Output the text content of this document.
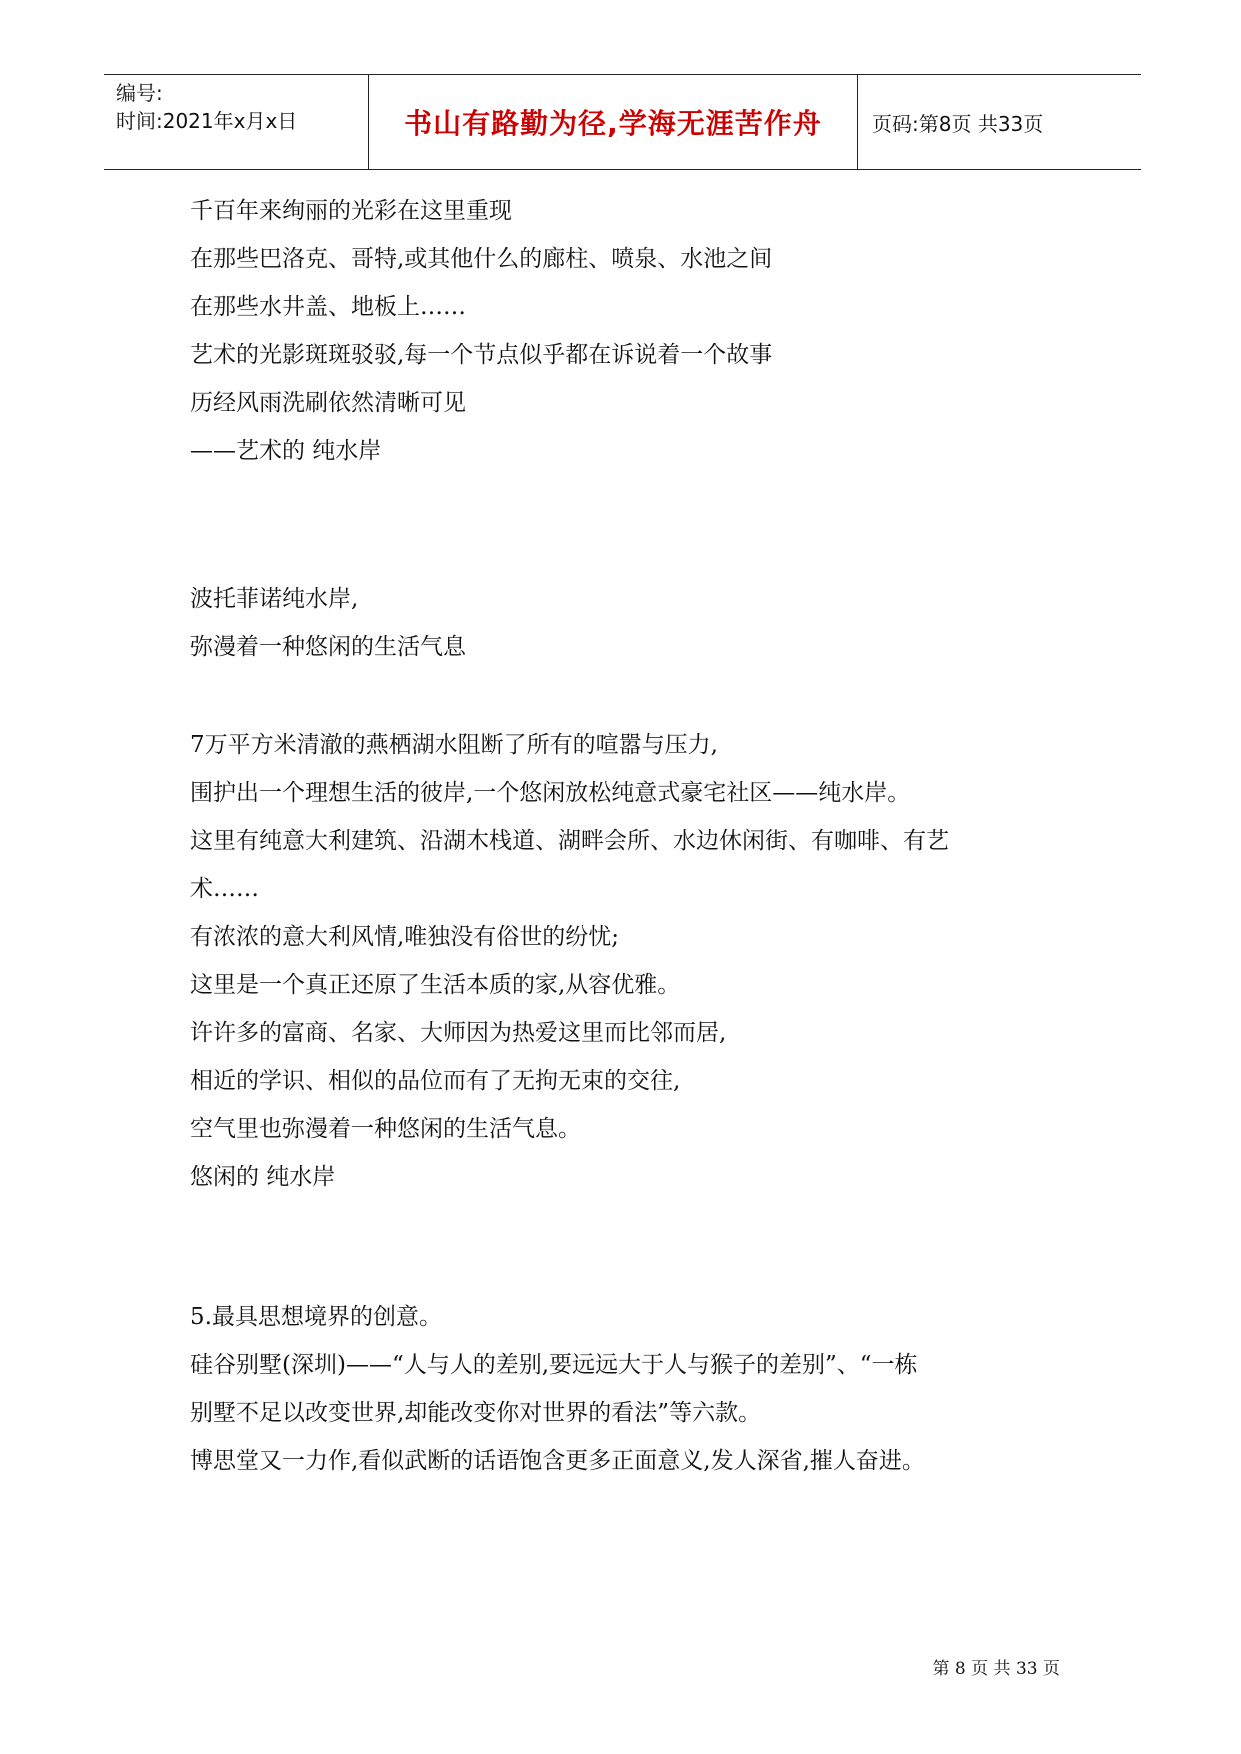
编号:
时间:2021年x月x日	书山有路勤为径,学海无涯苦作舟	页码:第8页 共33页
千百年来绚丽的光彩在这里重现
在那些巴洛克、哥特,或其他什么的廊柱、喷泉、水池之间
在那些水井盖、地板上……
艺术的光影斑斑驳驳,每一个节点似乎都在诉说着一个故事
历经风雨洗刷依然清晰可见
——艺术的 纯水岸
波托菲诺纯水岸,
弥漫着一种悠闲的生活气息
7万平方米清澈的燕栖湖水阻断了所有的喧嚣与压力,
围护出一个理想生活的彼岸,一个悠闲放松纯意式豪宅社区——纯水岸。
这里有纯意大利建筑、沿湖木栈道、湖畔会所、水边休闲街、有咖啡、有艺
术……
有浓浓的意大利风情,唯独没有俗世的纷忧;
这里是一个真正还原了生活本质的家,从容优雅。
许许多的富商、名家、大师因为热爱这里而比邻而居,
相近的学识、相似的品位而有了无拘无束的交往,
空气里也弥漫着一种悠闲的生活气息。
悠闲的 纯水岸
5.最具思想境界的创意。
硅谷别墅(深圳)——“人与人的差别,要远远大于人与猴子的差别”、“一栋
别墅不足以改变世界,却能改变你对世界的看法”等六款。
博思堂又一力作,看似武断的话语饱含更多正面意义,发人深省,摧人奋进。
第 8 页 共 33 页
